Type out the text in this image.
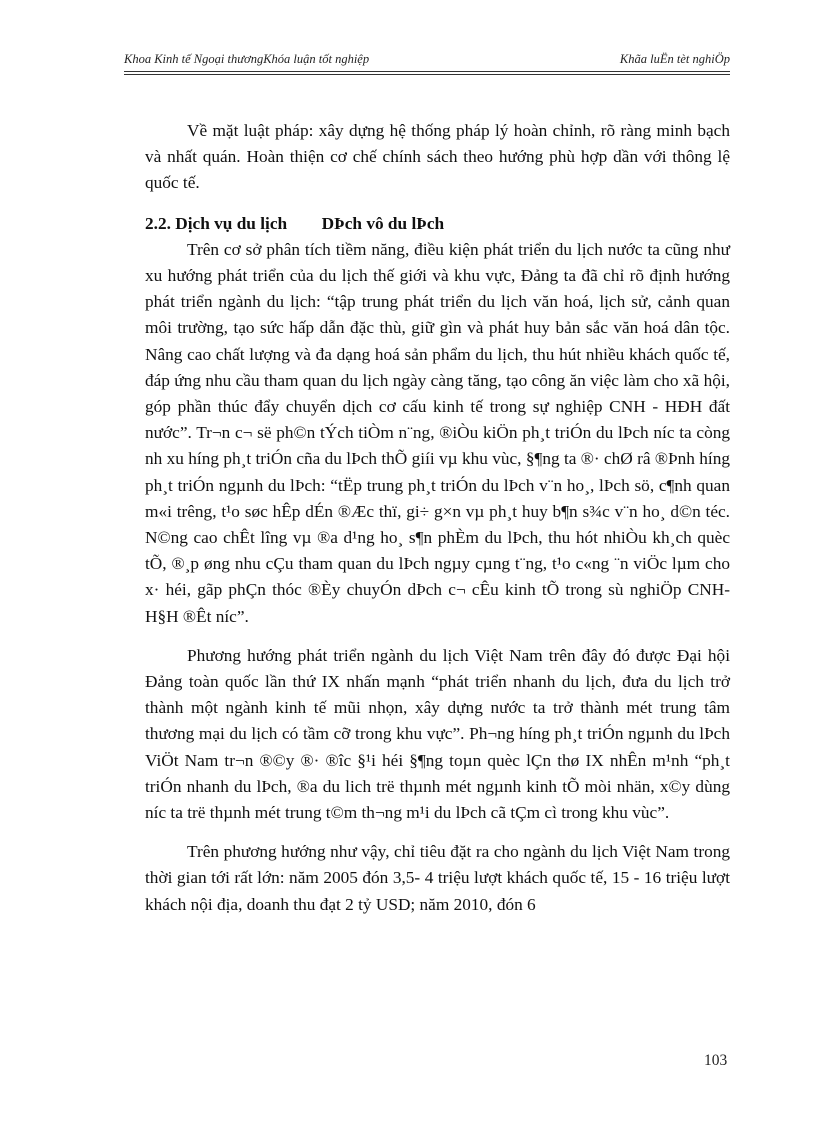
Khoa Kinh tế Ngoại thươngKhóa luận tốt nghiệp	Khãa luËn tèt nghiÖp

Về mặt luật pháp: xây dựng hệ thống pháp lý hoàn chỉnh, rõ ràng minh bạch và nhất quán. Hoàn thiện cơ chế chính sách theo hướng phù hợp dần với thông lệ quốc tế.

2.2. Dịch vụ du lịch        DÞch vô du lÞch

Trên cơ sở phân tích tiềm năng, điều kiện phát triển du lịch nước ta cũng như xu hướng phát triển của du lịch thế giới và khu vực, Đảng ta đã chỉ rõ định hướng phát triển ngành du lịch: “tập trung phát triển du lịch văn hoá, lịch sử, cảnh quan môi trường, tạo sức hấp dẫn đặc thù, giữ gìn và phát huy bản sắc văn hoá dân tộc. Nâng cao chất lượng và đa dạng hoá sản phẩm du lịch, thu hút nhiều khách quốc tế, đáp ứng nhu cầu tham quan du lịch ngày càng tăng, tạo công ăn việc làm cho xã hội, góp phần thúc đẩy chuyển dịch cơ cấu kinh tế trong sự nghiệp CNH - HĐH đất nước”. Tr¬n c¬ së ph©n tÝch tiÒm n¨ng, ®iÒu kiÖn ph¸t triÓn du lÞch níc ta còng nh xu híng ph¸t triÓn cña du lÞch thÕ giíi vµ khu vùc, §¶ng ta ®· chØ râ ®Þnh híng ph¸t triÓn ngµnh du lÞch: “tËp trung ph¸t triÓn du lÞch v¨n ho¸, lÞch sö, c¶nh quan m«i trêng, t¹o søc hÊp dÉn ®Æc thï, gi÷ g×n vµ ph¸t huy b¶n s¾c v¨n ho¸ d©n téc. N©ng cao chÊt lîng vµ ®a d¹ng ho¸ s¶n phÈm du lÞch, thu hót nhiÒu kh¸ch quèc tÕ, ®¸p øng nhu cÇu tham quan du lÞch ngµy cµng t¨ng, t¹o c«ng ¨n viÖc lµm cho x· héi, gãp phÇn thóc ®Èy chuyÓn dÞch c¬ cÊu kinh tÕ trong sù nghiÖp CNH-H§H ®Êt níc”.

Phương hướng phát triển ngành du lịch Việt Nam trên đây đó được Đại hội Đảng toàn quốc lần thứ IX nhấn mạnh “phát triển nhanh du lịch, đưa du lịch trở thành một ngành kinh tế mũi nhọn, xây dựng nước ta trở thành mét trung tâm thương mại du lịch có tầm cỡ trong khu vực”. Ph¬ng híng ph¸t triÓn ngµnh du lÞch ViÖt Nam tr¬n ®©y ®· ®îc §¹i héi §¶ng toµn quèc lÇn thø IX nhÊn m¹nh “ph¸t triÓn nhanh du lÞch, ®a du lich trë thµnh mét ngµnh kinh tÕ mòi nhän, x©y dùng níc ta trë thµnh mét trung t©m th¬ng m¹i du lÞch cã tÇm cì trong khu vùc”.

Trên phương hướng như vậy, chỉ tiêu đặt ra cho ngành du lịch Việt Nam trong thời gian tới rất lớn: năm 2005 đón 3,5- 4 triệu lượt khách quốc tế, 15 - 16 triệu lượt khách nội địa, doanh thu đạt 2 tỷ USD; năm 2010, đón 6

103
